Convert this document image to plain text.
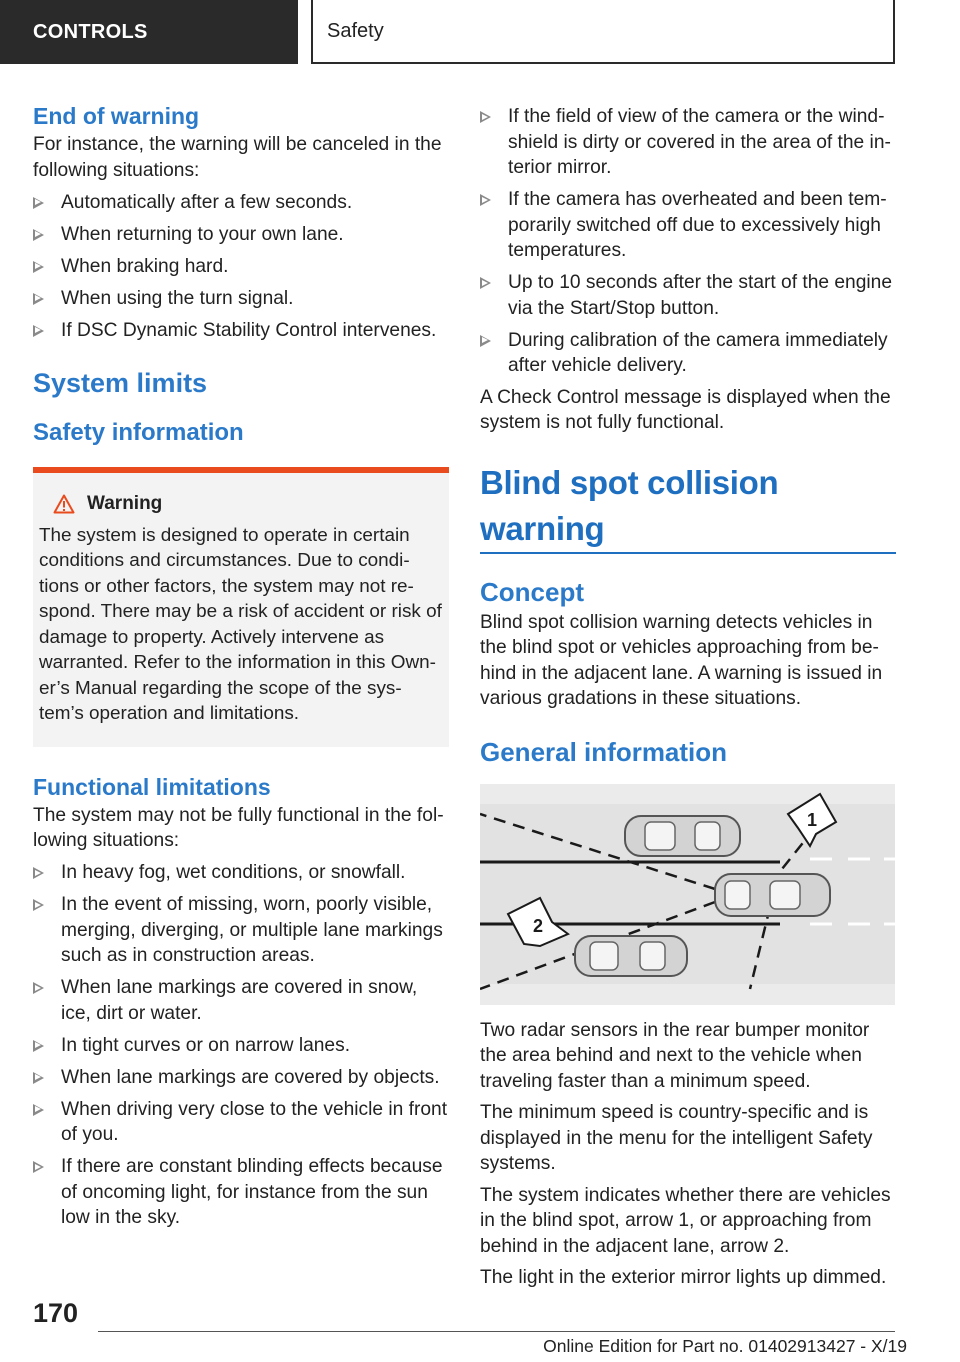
CONTROLS	Safety
End of warning

For instance, the warning will be canceled in the following situations:

Automatically after a few seconds.
When returning to your own lane.
When braking hard.
When using the turn signal.
If DSC Dynamic Stability Control intervenes.
System limits
Safety information
Warning

The system is designed to operate in certain conditions and circumstances. Due to condi-tions or other factors, the system may not re-spond. There may be a risk of accident or risk of damage to property. Actively intervene as warranted. Refer to the information in this Own-er’s Manual regarding the scope of the sys-tem’s operation and limitations.

Functional limitations

The system may not be fully functional in the fol-lowing situations:

In heavy fog, wet conditions, or snowfall.
In the event of missing, worn, poorly visible, merging, diverging, or multiple lane markings such as in construction areas.
When lane markings are covered in snow, ice, dirt or water.
In tight curves or on narrow lanes.
When lane markings are covered by objects.
When driving very close to the vehicle in front of you.
If there are constant blinding effects because of oncoming light, for instance from the sun low in the sky.
If the field of view of the camera or the wind-shield is dirty or covered in the area of the in-terior mirror.
If the camera has overheated and been tem-porarily switched off due to excessively high temperatures.
Up to 10 seconds after the start of the engine via the Start/Stop button.
During calibration of the camera immediately after vehicle delivery.

A Check Control message is displayed when the system is not fully functional.

Blind spot collision warning
Concept

Blind spot collision warning detects vehicles in the blind spot or vehicles approaching from be-hind in the adjacent lane. A warning is issued in various gradations in these situations.

General information
1
2

Two radar sensors in the rear bumper monitor the area behind and next to the vehicle when traveling faster than a minimum speed.

The minimum speed is country-specific and is displayed in the menu for the intelligent Safety systems.

The system indicates whether there are vehicles in the blind spot, arrow 1, or approaching from behind in the adjacent lane, arrow 2.

The light in the exterior mirror lights up dimmed.

170
Online Edition for Part no. 01402913427 - X/19
